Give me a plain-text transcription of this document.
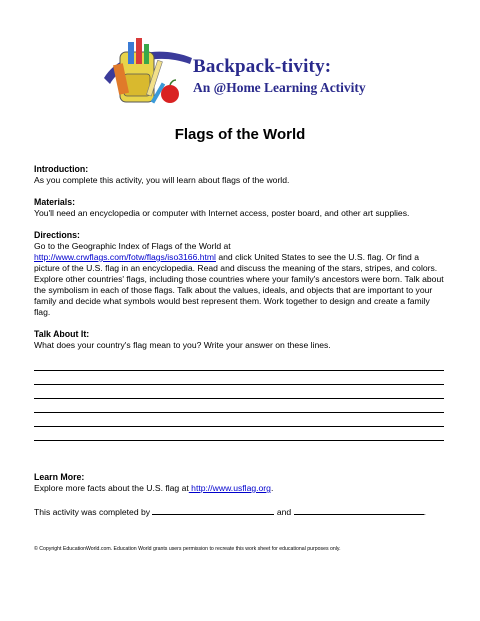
Backpack-tivity:
An @Home Learning Activity
Flags of the World
Introduction:
As you complete this activity, you will learn about flags of the world.
Materials:
You'll need an encyclopedia or computer with Internet access, poster board, and other art supplies.
Directions:
Go to the Geographic Index of Flags of the World at
http://www.crwflags.com/fotw/flags/iso3166.html and click United States to see the U.S. flag. Or find a picture of the U.S. flag in an encyclopedia. Read and discuss the meaning of the stars, stripes, and colors. Explore other countries' flags, including those countries where your family's ancestors were born. Talk about the symbolism in each of those flags. Talk about the values, ideals, and objects that are important to your family and decide what symbols would best represent them. Work together to design and create a family flag.
Talk About It:
What does your country's flag mean to you? Write your answer on these lines.
Learn More:
Explore more facts about the U.S. flag at http://www.usflag.org.
This activity was completed by	and	.
© Copyright EducationWorld.com. Education World grants users permission to recreate this work sheet for educational purposes only.
